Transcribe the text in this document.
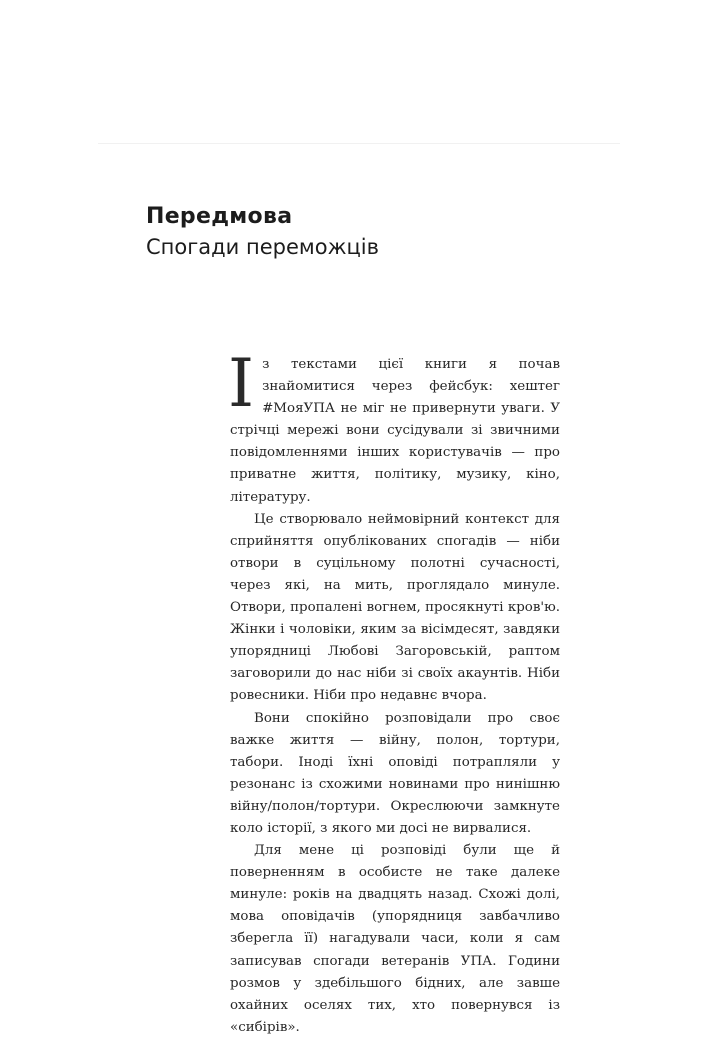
Передмова
Спогади переможців

Із текстами цієї книги я почав знайомитися через фейсбук: хештег #МояУПА не міг не привернути уваги. У стрічці мережі вони сусідували зі звичними повідомленнями інших користувачів — про приватне життя, політику, музику, кіно, літературу.

Це створювало неймовірний контекст для сприйняття опублікованих спогадів — ніби отвори в суцільному полотні сучасності, через які, на мить, проглядало минуле. Отвори, пропалені вогнем, просякнуті кров'ю. Жінки і чоловіки, яким за вісімдесят, завдяки упорядниці Любові Загоровській, раптом заговорили до нас ніби зі своїх акаунтів. Ніби ровесники. Ніби про недавнє вчора.

Вони спокійно розповідали про своє важке життя — війну, полон, тортури, табори. Іноді їхні оповіді потрапляли у резонанс із схожими новинами про нинішню війну/полон/тортури. Окреслюючи замкнуте коло історії, з якого ми досі не вирвалися.

Для мене ці розповіді були ще й поверненням в особисте не таке далеке минуле: років на двадцять назад. Схожі долі, мова оповідачів (упорядниця завбачливо зберегла її) нагадували часи, коли я сам записував спогади ветеранів УПА. Години розмов у здебільшого бідних, але завше охайних оселях тих, хто повернувся із «сибірів».
